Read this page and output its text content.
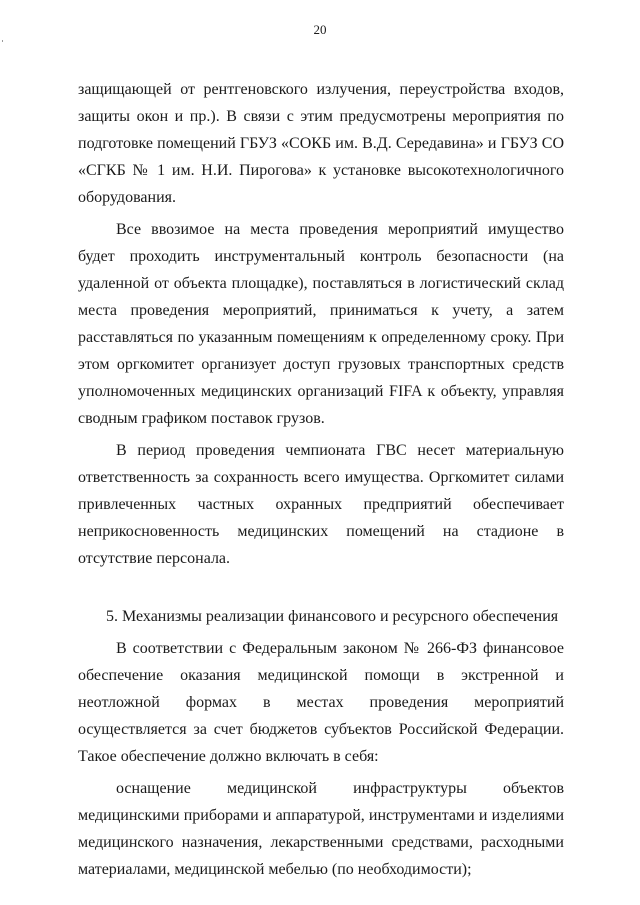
20

защищающей от рентгеновского излучения, переустройства входов, защиты окон и пр.). В связи с этим предусмотрены мероприятия по подготовке помещений ГБУЗ «СОКБ им. В.Д. Середавина» и ГБУЗ СО «СГКБ № 1 им. Н.И. Пирогова» к установке высокотехнологичного оборудования.

Все ввозимое на места проведения мероприятий имущество будет проходить инструментальный контроль безопасности (на удаленной от объекта площадке), поставляться в логистический склад места проведения мероприятий, приниматься к учету, а затем расставляться по указанным помещениям к определенному сроку. При этом оргкомитет организует доступ грузовых транспортных средств уполномоченных медицинских организаций FIFA к объекту, управляя сводным графиком поставок грузов.

В период проведения чемпионата ГВС несет материальную ответственность за сохранность всего имущества. Оргкомитет силами привлеченных частных охранных предприятий обеспечивает неприкосновенность медицинских помещений на стадионе в отсутствие персонала.

5. Механизмы реализации финансового и ресурсного обеспечения

В соответствии с Федеральным законом № 266-ФЗ финансовое обеспечение оказания медицинской помощи в экстренной и неотложной формах в местах проведения мероприятий осуществляется за счет бюджетов субъектов Российской Федерации. Такое обеспечение должно включать в себя:

оснащение медицинской инфраструктуры объектов медицинскими приборами и аппаратурой, инструментами и изделиями медицинского назначения, лекарственными средствами, расходными материалами, медицинской мебелью (по необходимости);
